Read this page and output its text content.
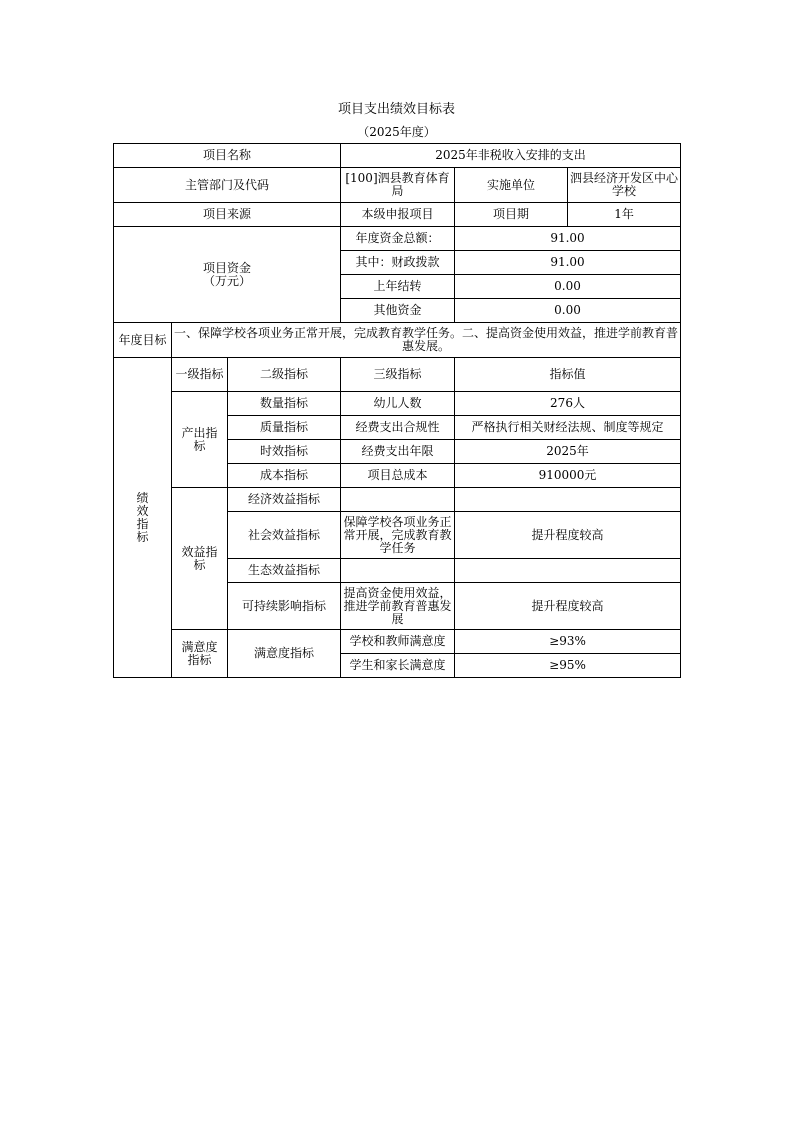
项目支出绩效目标表
（2025年度）
项目名称			2025年非税收入安排的支出		
主管部门及代码			[100]泗县教育体育局	实施单位	泗县经济开发区中心学校
项目来源			本级申报项目	项目期	1年
项目资金
（万元）			年度资金总额：	91.00	
			其中：财政拨款	91.00	
			上年结转	0.00	
			其他资金	0.00	
年度目标	一、保障学校各项业务正常开展，完成教育教学任务。二、提高资金使用效益，推进学前教育普惠发展。				
绩效指标	一级指标	二级指标	三级指标	指标值	
	产出指标	数量指标	幼儿人数	276人	
		质量指标	经费支出合规性	严格执行相关财经法规、制度等规定	
		时效指标	经费支出年限	2025年	
		成本指标	项目总成本	910000元	
	效益指标	经济效益指标			
		社会效益指标	保障学校各项业务正常开展，完成教育教学任务	提升程度较高	
		生态效益指标			
		可持续影响指标	提高资金使用效益，推进学前教育普惠发展	提升程度较高	
	满意度指标	满意度指标	学校和教师满意度	≥93%	
			学生和家长满意度	≥95%	
